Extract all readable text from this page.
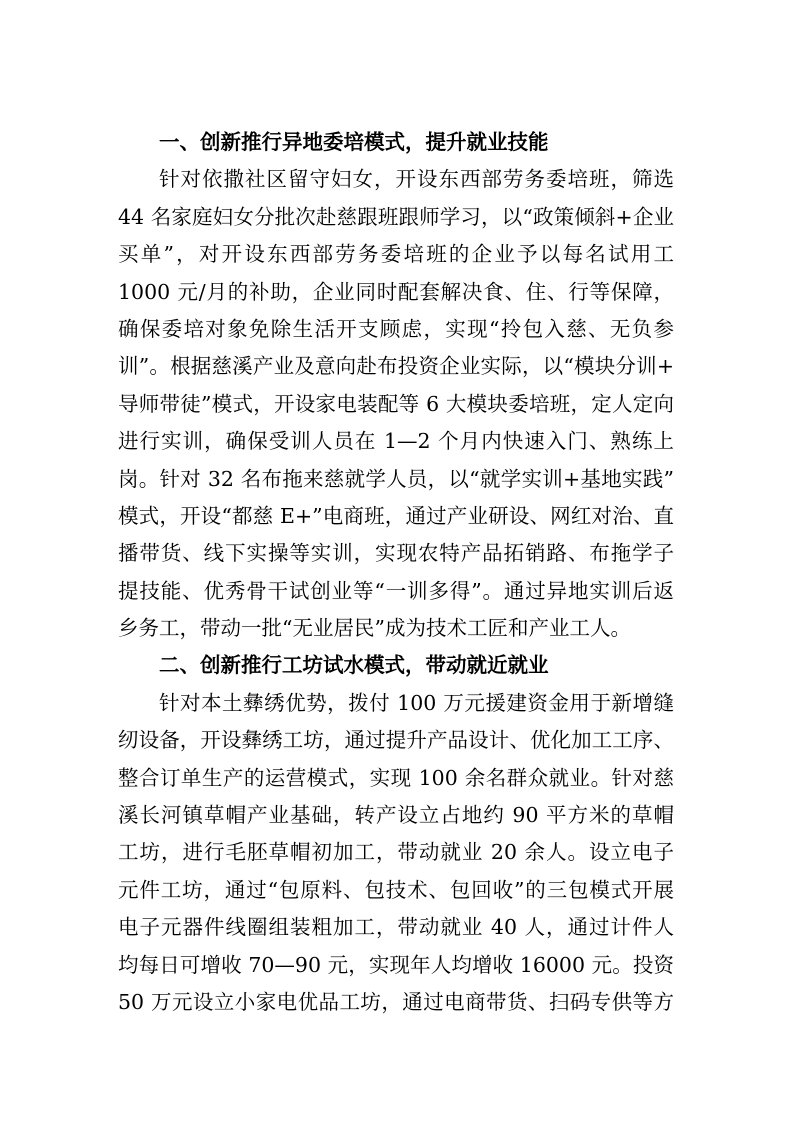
一、创新推行异地委培模式，提升就业技能
针对依撒社区留守妇女，开设东西部劳务委培班，筛选
44 名家庭妇女分批次赴慈跟班跟师学习，以“政策倾斜+企业
买单”，对开设东西部劳务委培班的企业予以每名试用工
1000 元/月的补助，企业同时配套解决食、住、行等保障，
确保委培对象免除生活开支顾虑，实现“拎包入慈、无负参
训”。根据慈溪产业及意向赴布投资企业实际，以“模块分训+
导师带徒”模式，开设家电装配等 6 大模块委培班，定人定向
进行实训，确保受训人员在 1—2 个月内快速入门、熟练上
岗。针对 32 名布拖来慈就学人员，以“就学实训+基地实践”
模式，开设“都慈 E+”电商班，通过产业研设、网红对治、直
播带货、线下实操等实训，实现农特产品拓销路、布拖学子
提技能、优秀骨干试创业等“一训多得”。通过异地实训后返
乡务工，带动一批“无业居民”成为技术工匠和产业工人。
二、创新推行工坊试水模式，带动就近就业
针对本土彝绣优势，拨付 100 万元援建资金用于新增缝
纫设备，开设彝绣工坊，通过提升产品设计、优化加工工序、
整合订单生产的运营模式，实现 100 余名群众就业。针对慈
溪长河镇草帽产业基础，转产设立占地约 90 平方米的草帽
工坊，进行毛胚草帽初加工，带动就业 20 余人。设立电子
元件工坊，通过“包原料、包技术、包回收”的三包模式开展
电子元器件线圈组装粗加工，带动就业 40 人，通过计件人
均每日可增收 70—90 元，实现年人均增收 16000 元。投资
50 万元设立小家电优品工坊，通过电商带货、扫码专供等方
